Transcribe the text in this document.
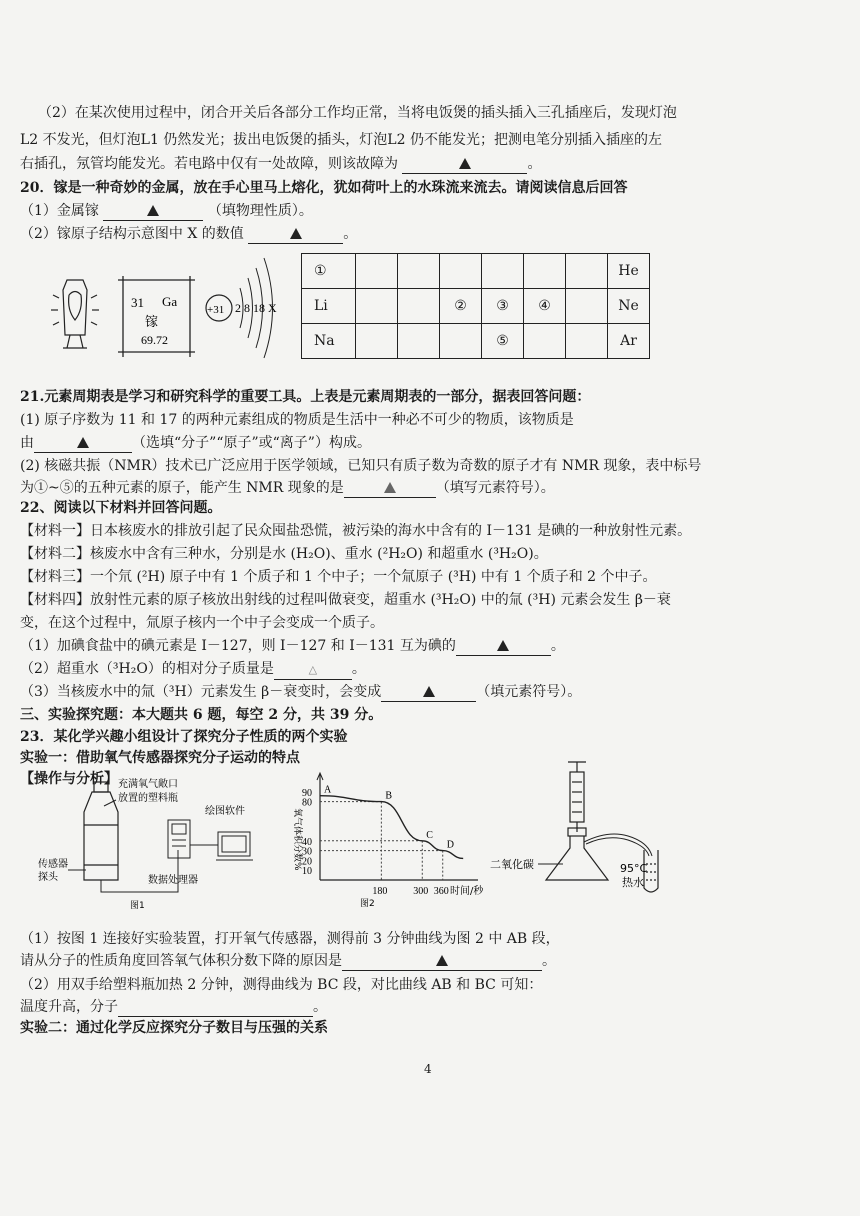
（2）在某次使用过程中，闭合开关后各部分工作均正常，当将电饭煲的插头插入三孔插座后，发现灯泡
L2 不发光，但灯泡L1 仍然发光；拔出电饭煲的插头，灯泡L2 仍不能发光；把测电笔分别插入插座的左
右插孔，氖管均能发光。若电路中仅有一处故障，则该故障为	。
20．镓是一种奇妙的金属，放在手心里马上熔化，犹如荷叶上的水珠流来流去。请阅读信息后回答
（1）金属镓	（填物理性质）。
（2）镓原子结构示意图中 X 的数值	。
31 Ga
镓
69.72
+31 2 8 18 X
①							He
Li			②	③	④		Ne
Na				⑤			Ar
21.元素周期表是学习和研究科学的重要工具。上表是元素周期表的一部分，据表回答问题：
(1) 原子序数为 11 和 17 的两种元素组成的物质是生活中一种必不可少的物质，该物质是
由	（选填“分子”“原子”或“离子”）构成。
(2) 核磁共振（NMR）技术已广泛应用于医学领域，已知只有质子数为奇数的原子才有 NMR 现象，表中标号
为①~⑤的五种元素的原子，能产生 NMR 现象的是	（填写元素符号）。
22、阅读以下材料并回答问题。
【材料一】日本核废水的排放引起了民众囤盐恐慌，被污染的海水中含有的 I－131 是碘的一种放射性元素。
【材料二】核废水中含有三种水，分别是水 (H₂O)、重水 (²H₂O) 和超重水 (³H₂O)。
【材料三】一个氘 (²H) 原子中有 1 个质子和 1 个中子；一个氚原子 (³H) 中有 1 个质子和 2 个中子。
【材料四】放射性元素的原子核放出射线的过程叫做衰变，超重水 (³H₂O) 中的氚 (³H) 元素会发生 β－衰
变，在这个过程中，氚原子核内一个中子会变成一个质子。
（1）加碘食盐中的碘元素是 I－127，则 I－127 和 I－131 互为碘的	。
（2）超重水（³H₂O）的相对分子质量是	△ 。
（3）当核废水中的氚（³H）元素发生 β－衰变时，会变成	（填元素符号）。
三、实验探究题：本大题共 6 题，每空 2 分，共 39 分。
23．某化学兴趣小组设计了探究分子性质的两个实验
实验一：借助氧气传感器探究分子运动的特点
【操作与分析】 充满氧气敞口
放置的塑料瓶
传感器
探头	数据处理器
绘图软件
图1
10
20
30
40
80
90
180	300 360
A
B
C
D
氧气体积分数%
时间/秒
图2
二氧化碳	95°C
热水
（1）按图 1 连接好实验装置，打开氧气传感器，测得前 3 分钟曲线为图 2 中 AB 段，
请从分子的性质角度回答氧气体积分数下降的原因是	。
（2）用双手给塑料瓶加热 2 分钟，测得曲线为 BC 段，对比曲线 AB 和 BC 可知：
温度升高，分子	。
实验二：通过化学反应探究分子数目与压强的关系
4
